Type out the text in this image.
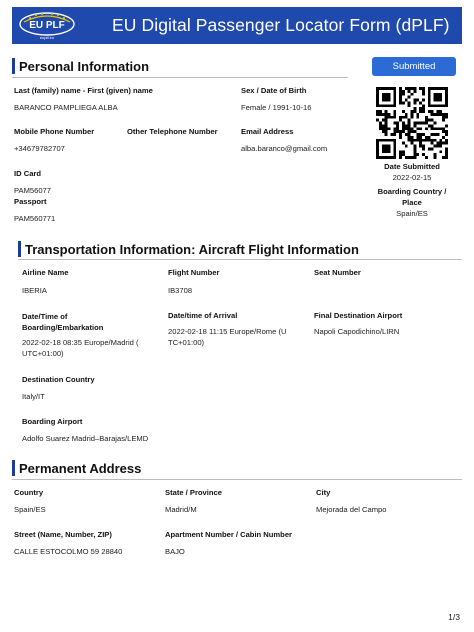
EU PLF
euplf.eu
EU Digital Passenger Locator Form (dPLF)
Personal Information	Submitted
Last (family) name - First (given) name
BARANCO PAMPLIEGA ALBA
Sex / Date of Birth
Female / 1991-10-16
Mobile Phone Number
+34679782707
Other Telephone Number	Email Address
alba.baranco@gmail.com
ID Card
PAM56077
Passport
PAM560771
Date Submitted
2022-02-15
Boarding Country / Place
Spain/ES
Transportation Information: Aircraft Flight Information
Airline Name
IBERIA
Flight Number
IB3708
Seat Number
Date/Time of Boarding/Embarkation
2022-02-18 08:35 Europe/Madrid ( UTC+01:00)
Date/time of Arrival
2022-02-18 11:15 Europe/Rome (U TC+01:00)
Final Destination Airport
Napoli Capodichino/LIRN
Destination Country
Italy/IT
Boarding Airport
Adolfo Suarez Madrid–Barajas/LEMD
Permanent Address
Country
Spain/ES
State / Province
Madrid/M
City
Mejorada del Campo
Street (Name, Number, ZIP)
CALLE ESTOCOLMO 59 28840
Apartment Number / Cabin Number
BAJO
1/3
